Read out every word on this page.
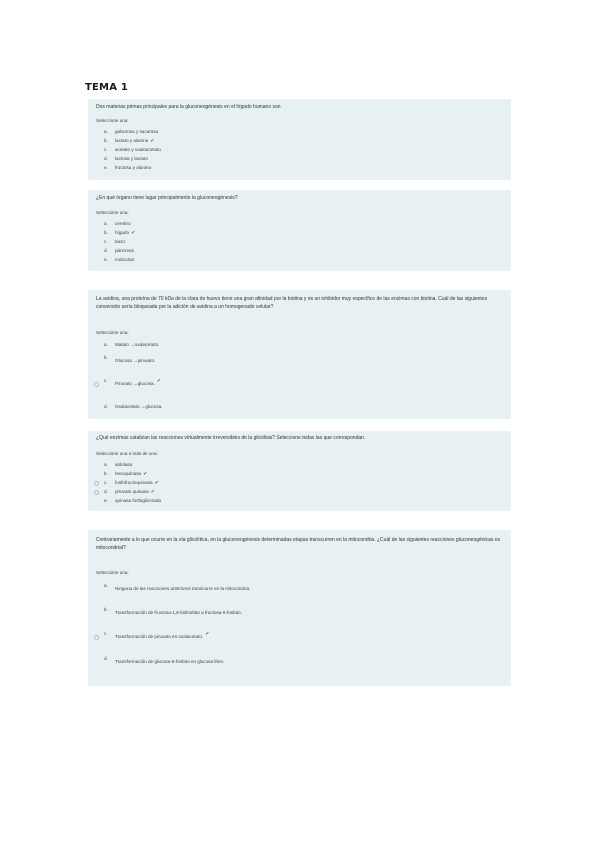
TEMA 1
Dos materias primas principales para la gluconeogénesis en el hígado humano son
Seleccione una:
a. galactosa y sacarosa
b. lactato y alanina ✔
c. acetato y oxaloacetato
d. lactosa y lactato
e. fructosa y alanina
¿En qué órgano tiene lugar principalmente la gluconeogénesis?
Seleccione una:
a. cerebro
b. hígado ✔
c. bazo
d. páncreas
e. músculos
La avidina, una proteína de 70 kDa de la clara de huevo tiene una gran afinidad por la biotina y es un inhibidor muy específico de las enzimas con biotina. Cuál de las siguientes conversión sería bloqueada por la adición de avidina a un homogenado celular?
Seleccione una:
a. Malato →oxalacetato.
b.Glucosa →piruvato.
c.Piruvato →glucosa. ✔
d. Oxalacetato →glucosa.
¿Qué enzimas catalizan las reacciones virtualmente irreversibles de la glicólisis? Seleccione todas las que correspondan.
Seleccione una o más de una:
a. aldolasa
b. hexoquinasa ✔
c. fosfofructoquinasa ✔
d. piruvato quinasa ✔
e. quinasa fosfoglicerada
Contrariamente a lo que ocurre en la vía glicolítica, en la gluconeogénesis determinadas etapas transcurren en la mitocondria. ¿Cuál de las siguientes reacciones gluconeogénicas es mitocondrial?
Seleccione una:
a.Ninguna de las reacciones anteriores transcurre en la mitocondria.
b.Transformación de fructosa-1,6-bisfosfato a fructosa-6-fosfato.
c.Transformación de piruvato en oxalacetato. ✔
d.Transformación de glucosa-6-fosfato en glucosa libre.
